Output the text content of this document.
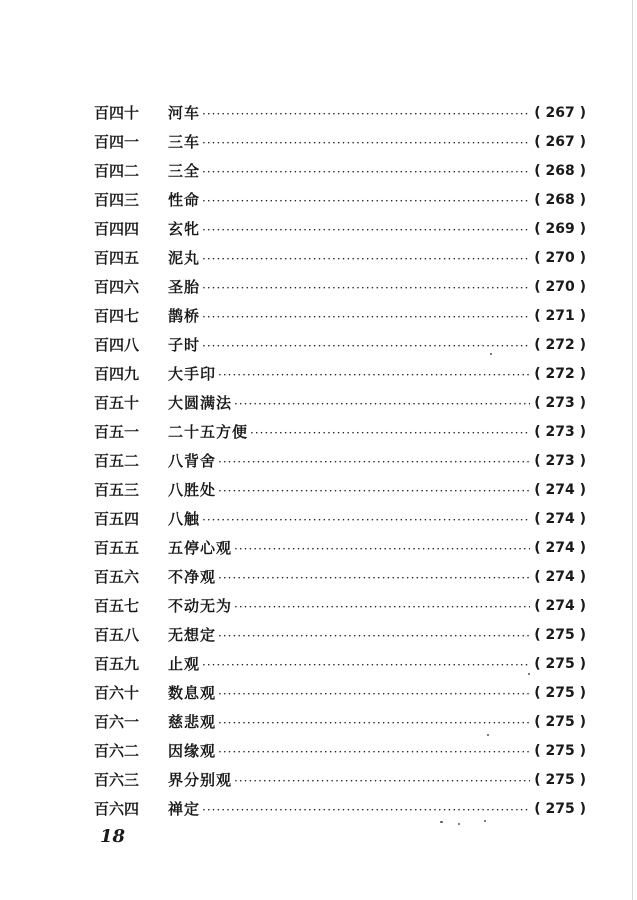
百四十	河车 ·····	( 267 )
百四一	三车 ·····	( 267 )
百四二	三全 ·····	( 268 )
百四三	性命 ·····	( 268 )
百四四	玄牝 ·····	( 269 )
百四五	泥丸 ·····	( 270 )
百四六	圣胎 ·····	( 270 )
百四七	鹊桥 ·····	( 271 )
百四八	子时 ·····	( 272 )
百四九	大手印 ·····	( 272 )
百五十	大圆满法 ·····	( 273 )
百五一	二十五方便 ·····	( 273 )
百五二	八背舍 ·····	( 273 )
百五三	八胜处 ·····	( 274 )
百五四	八触 ·····	( 274 )
百五五	五停心观 ·····	( 274 )
百五六	不净观 ·····	( 274 )
百五七	不动无为 ·····	( 274 )
百五八	无想定 ·····	( 275 )
百五九	止观 ·····	( 275 )
百六十	数息观 ·····	( 275 )
百六一	慈悲观 ·····	( 275 )
百六二	因缘观 ·····	( 275 )
百六三	界分别观 ·····	( 275 )
百六四	禅定 ·····	( 275 )
18
